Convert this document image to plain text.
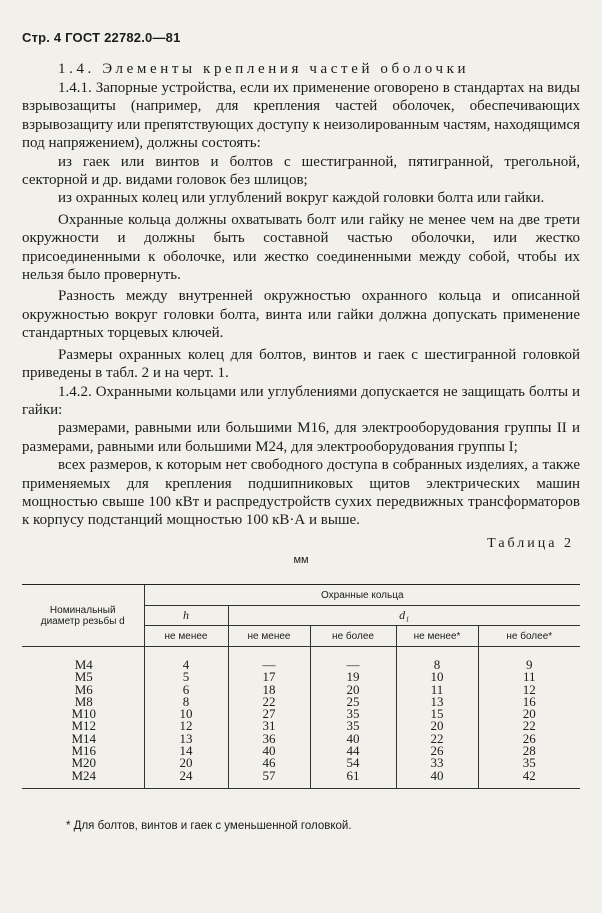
Стр. 4 ГОСТ 22782.0—81
1.4. Элементы крепления частей оболочки

1.4.1. Запорные устройства, если их применение оговорено в стандартах на виды взрывозащиты (например, для крепления частей оболочек, обеспечивающих взрывозащиту или препятствующих доступу к неизолированным частям, находящимся под напряжением), должны состоять:

из гаек или винтов и болтов с шестигранной, пятигранной, трегольной, секторной и др. видами головок без шлицов;

из охранных колец или углублений вокруг каждой головки болта или гайки.

Охранные кольца должны охватывать болт или гайку не менее чем на две трети окружности и должны быть составной частью оболочки, или жестко присоединенными к оболочке, или жестко соединенными между собой, чтобы их нельзя было провернуть.

Разность между внутренней окружностью охранного кольца и описанной окружностью вокруг головки болта, винта или гайки должна допускать применение стандартных торцевых ключей.

Размеры охранных колец для болтов, винтов и гаек с шестигранной головкой приведены в табл. 2 и на черт. 1.

1.4.2. Охранными кольцами или углублениями допускается не защищать болты и гайки:

размерами, равными или большими M16, для электрооборудования группы II и размерами, равными или большими M24, для электрооборудования группы I;

всех размеров, к которым нет свободного доступа в собранных изделиях, а также применяемых для крепления подшипниковых щитов электрических машин мощностью свыше 100 кВт и распредустройств сухих передвижных трансформаторов к корпусу подстанций мощностью 100 кВ·А и выше.

Таблица 2
мм
Номинальный диаметр резьбы d	Охранные кольца				
	h	d₁			
	не менее	не менее	не более	не менее*	не более*
M4	4	—	—	8	9
M5	5	17	19	10	11
M6	6	18	20	11	12
M8	8	22	25	13	16
M10	10	27	35	15	20
M12	12	31	35	20	22
M14	13	36	40	22	26
M16	14	40	44	26	28
M20	20	46	54	33	35
M24	24	57	61	40	42
* Для болтов, винтов и гаек с уменьшенной головкой.
